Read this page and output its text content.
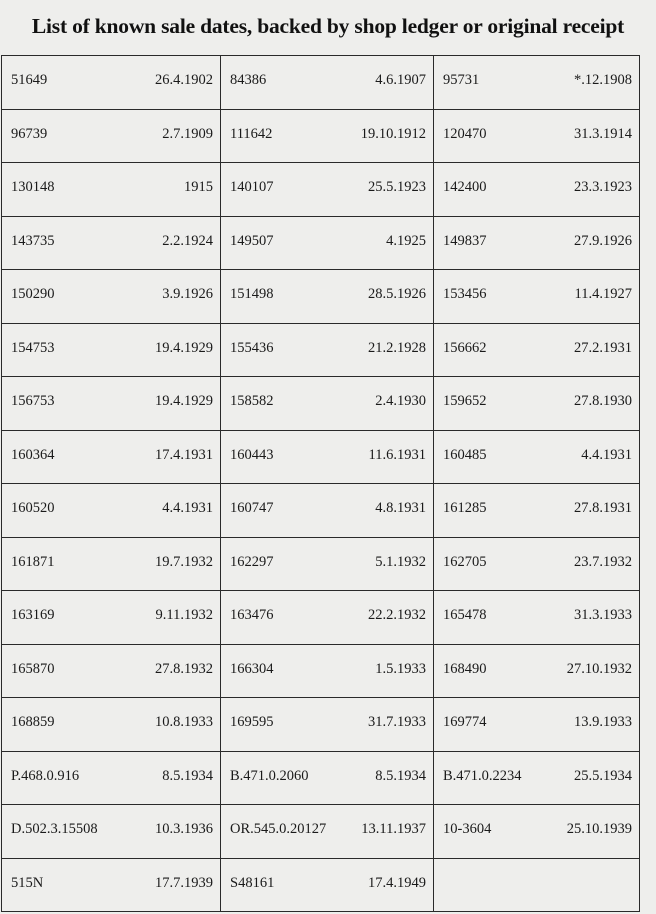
List of known sale dates, backed by shop ledger or original receipt
51649 26.4.1902	84386 4.6.1907	95731 *.12.1908

96739 2.7.1909	111642 19.10.1912	120470 31.3.1914

130148 1915	140107 25.5.1923	142400 23.3.1923

143735 2.2.1924	149507 4.1925	149837 27.9.1926

150290 3.9.1926	151498 28.5.1926	153456 11.4.1927

154753 19.4.1929	155436 21.2.1928	156662 27.2.1931

156753 19.4.1929	158582 2.4.1930	159652 27.8.1930

160364 17.4.1931	160443 11.6.1931	160485 4.4.1931

160520 4.4.1931	160747 4.8.1931	161285 27.8.1931

161871 19.7.1932	162297 5.1.1932	162705 23.7.1932

163169 9.11.1932	163476 22.2.1932	165478 31.3.1933

165870 27.8.1932	166304 1.5.1933	168490 27.10.1932

168859 10.8.1933	169595 31.7.1933	169774 13.9.1933

P.468.0.916 8.5.1934	B.471.0.2060 8.5.1934	B.471.0.2234 25.5.1934

D.502.3.15508 10.3.1936	OR.545.0.20127 13.11.1937	10-3604 25.10.1939

515N 17.7.1939	S48161 17.4.1949	
